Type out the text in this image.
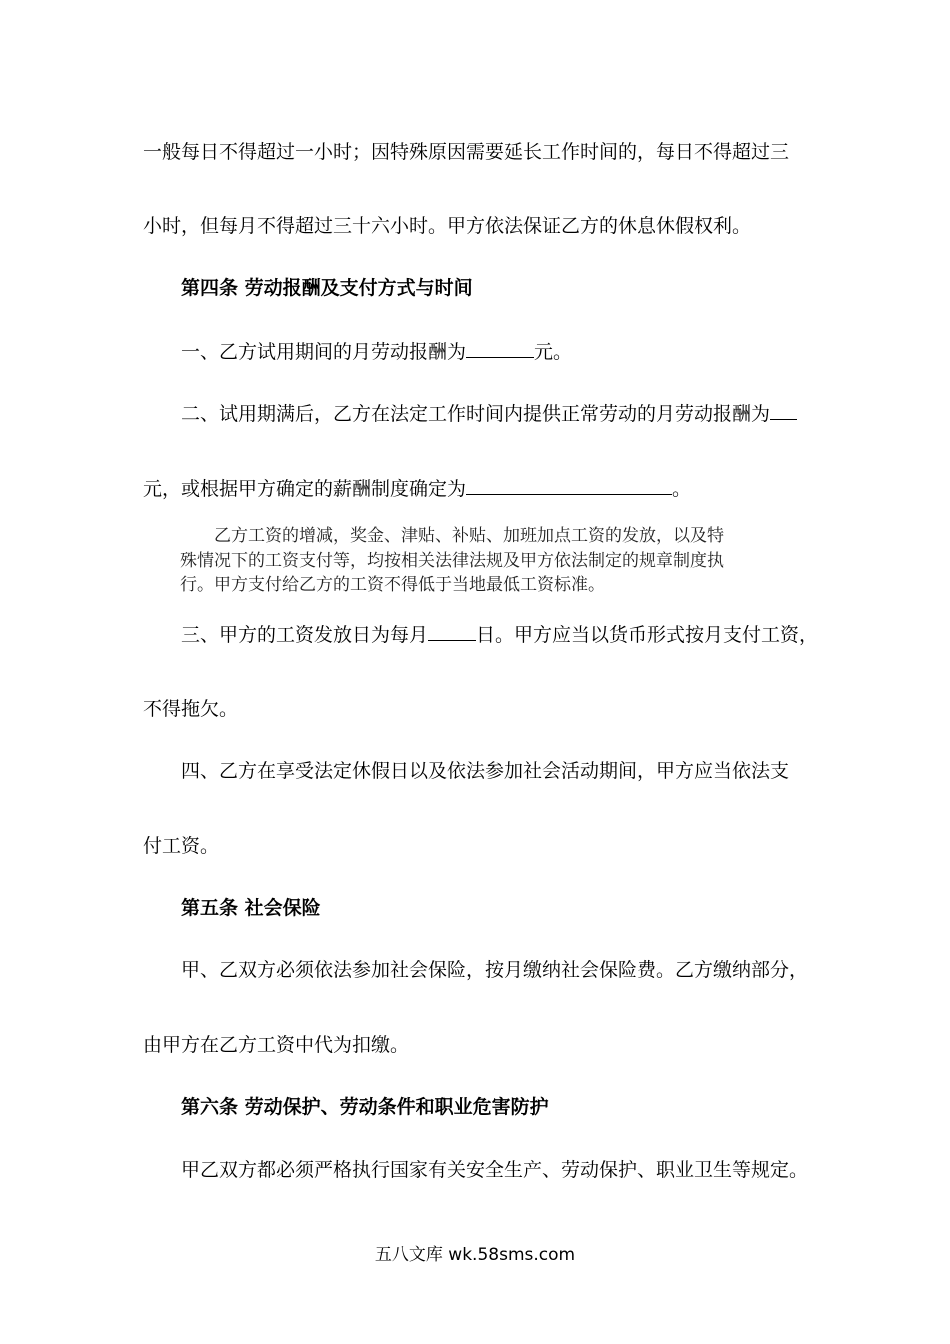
一般每日不得超过一小时；因特殊原因需要延长工作时间的，每日不得超过三
小时，但每月不得超过三十六小时。甲方依法保证乙方的休息休假权利。
第四条 劳动报酬及支付方式与时间
一、乙方试用期间的月劳动报酬为	元。
二、试用期满后，乙方在法定工作时间内提供正常劳动的月劳动报酬为
元，或根据甲方确定的薪酬制度确定为	。
乙方工资的增减，奖金、津贴、补贴、加班加点工资的发放，以及特
殊情况下的工资支付等，均按相关法律法规及甲方依法制定的规章制度执
行。甲方支付给乙方的工资不得低于当地最低工资标准。
三、甲方的工资发放日为每月	日。甲方应当以货币形式按月支付工资，
不得拖欠。
四、乙方在享受法定休假日以及依法参加社会活动期间，甲方应当依法支
付工资。
第五条 社会保险
甲、乙双方必须依法参加社会保险，按月缴纳社会保险费。乙方缴纳部分，
由甲方在乙方工资中代为扣缴。
第六条 劳动保护、劳动条件和职业危害防护
甲乙双方都必须严格执行国家有关安全生产、劳动保护、职业卫生等规定。
五八文库 wk.58sms.com
